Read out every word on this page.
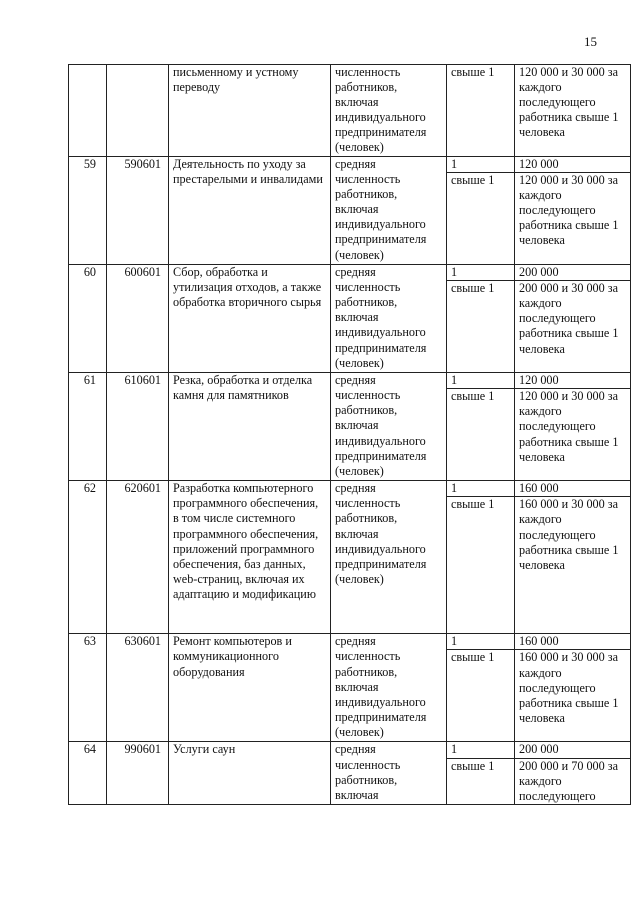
15
		письменному и устному переводу	численность работников, включая индивидуального предпринимателя (человек)	свыше 1	120 000 и 30 000 за каждого последующего работника свыше 1 человека
59	590601	Деятельность по уходу за престарелыми и инвалидами	средняя численность работников, включая индивидуального предпринимателя (человек)	1	120 000
				свыше 1	120 000 и 30 000 за каждого последующего работника свыше 1 человека
60	600601	Сбор, обработка и утилизация отходов, а также обработка вторичного сырья	средняя численность работников, включая индивидуального предпринимателя (человек)	1	200 000
				свыше 1	200 000 и 30 000 за каждого последующего работника свыше 1 человека
61	610601	Резка, обработка и отделка камня для памятников	средняя численность работников, включая индивидуального предпринимателя (человек)	1	120 000
				свыше 1	120 000 и 30 000 за каждого последующего работника свыше 1 человека
62	620601	Разработка компьютерного программного обеспечения, в том числе системного программного обеспечения, приложений программного обеспечения, баз данных, web-страниц, включая их адаптацию и модификацию	средняя численность работников, включая индивидуального предпринимателя (человек)	1	160 000
				свыше 1	160 000 и 30 000 за каждого последующего работника свыше 1 человека
63	630601	Ремонт компьютеров и коммуникационного оборудования	средняя численность работников, включая индивидуального предпринимателя (человек)	1	160 000
				свыше 1	160 000 и 30 000 за каждого последующего работника свыше 1 человека
64	990601	Услуги саун	средняя численность работников, включая	1	200 000
				свыше 1	200 000 и 70 000 за каждого последующего
